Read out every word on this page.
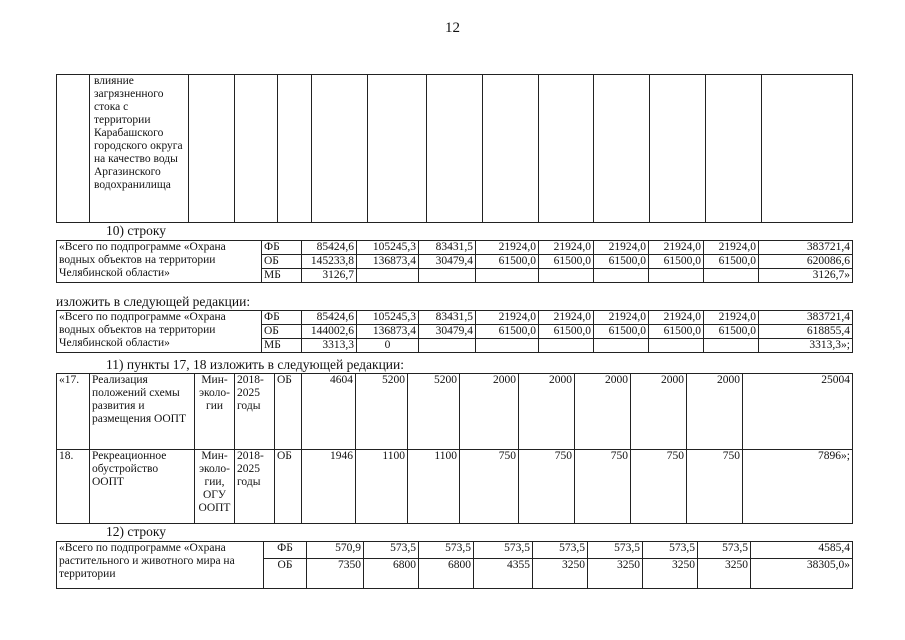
12
	влияние загрязненного стока с территории Карабашского городского округа на качество воды Аргазинского водохранилища												
10) строку
«Всего по подпрограмме «Охрана водных объектов на территории Челябинской области»	ФБ	85424,6	105245,3	83431,5	21924,0	21924,0	21924,0	21924,0	21924,0	383721,4
	ОБ	145233,8	136873,4	30479,4	61500,0	61500,0	61500,0	61500,0	61500,0	620086,6
	МБ	3126,7								3126,7»
изложить в следующей редакции:
«Всего по подпрограмме «Охрана водных объектов на территории Челябинской области»	ФБ	85424,6	105245,3	83431,5	21924,0	21924,0	21924,0	21924,0	21924,0	383721,4
	ОБ	144002,6	136873,4	30479,4	61500,0	61500,0	61500,0	61500,0	61500,0	618855,4
	МБ	3313,3	0							3313,3»;
11) пункты 17, 18 изложить в следующей редакции:
«17.	Реализация положений схемы развития и размещения ООПТ	Мин-эколо-гии	2018-2025 годы	ОБ	4604	5200	5200	2000	2000	2000	2000	2000	25004
18.	Рекреационное обустройство ООПТ	Мин-эколо-гии, ОГУ ООПТ	2018-2025 годы	ОБ	1946	1100	1100	750	750	750	750	750	7896»;
12) строку
«Всего по подпрограмме «Охрана растительного и животного мира на территории	ФБ	570,9	573,5	573,5	573,5	573,5	573,5	573,5	573,5	4585,4
	ОБ	7350	6800	6800	4355	3250	3250	3250	3250	38305,0»
